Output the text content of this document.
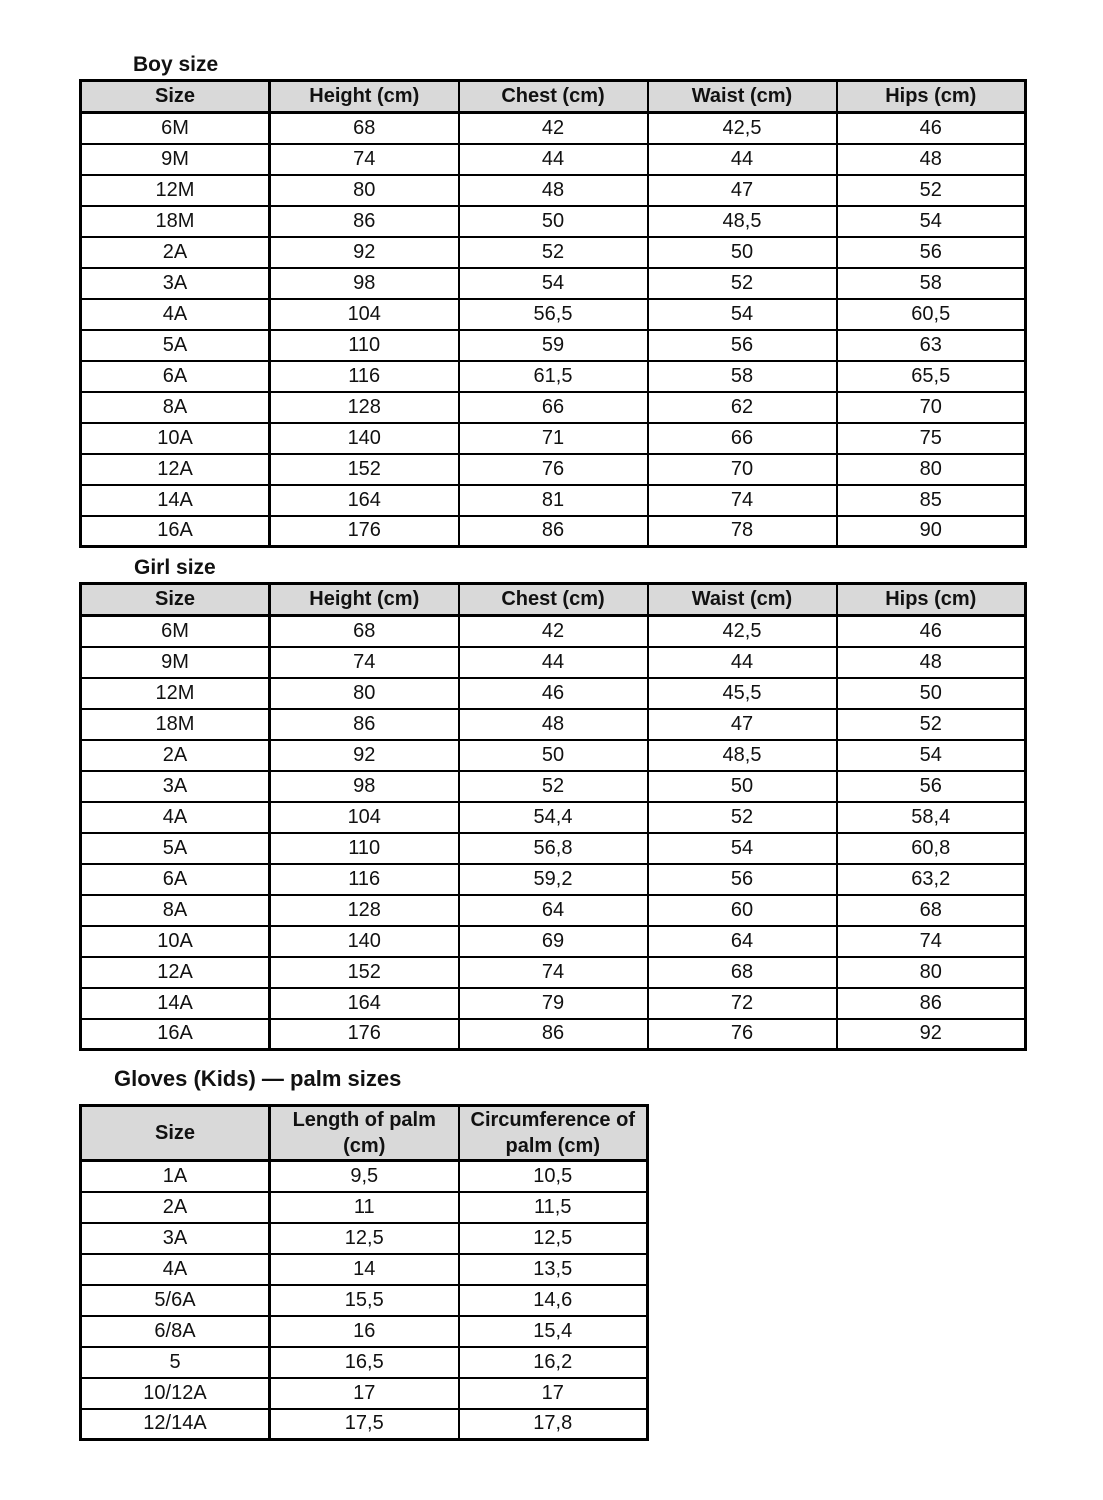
Boy size
Size	Height (cm)	Chest (cm)	Waist (cm)	Hips (cm)
6M	68	42	42,5	46
9M	74	44	44	48
12M	80	48	47	52
18M	86	50	48,5	54
2A	92	52	50	56
3A	98	54	52	58
4A	104	56,5	54	60,5
5A	110	59	56	63
6A	116	61,5	58	65,5
8A	128	66	62	70
10A	140	71	66	75
12A	152	76	70	80
14A	164	81	74	85
16A	176	86	78	90
Girl size
Size	Height (cm)	Chest (cm)	Waist (cm)	Hips (cm)
6M	68	42	42,5	46
9M	74	44	44	48
12M	80	46	45,5	50
18M	86	48	47	52
2A	92	50	48,5	54
3A	98	52	50	56
4A	104	54,4	52	58,4
5A	110	56,8	54	60,8
6A	116	59,2	56	63,2
8A	128	64	60	68
10A	140	69	64	74
12A	152	74	68	80
14A	164	79	72	86
16A	176	86	76	92
Gloves (Kids) — palm sizes
Size	Length of palm (cm)	Circumference of palm (cm)
1A	9,5	10,5
2A	11	11,5
3A	12,5	12,5
4A	14	13,5
5/6A	15,5	14,6
6/8A	16	15,4
5	16,5	16,2
10/12A	17	17
12/14A	17,5	17,8
